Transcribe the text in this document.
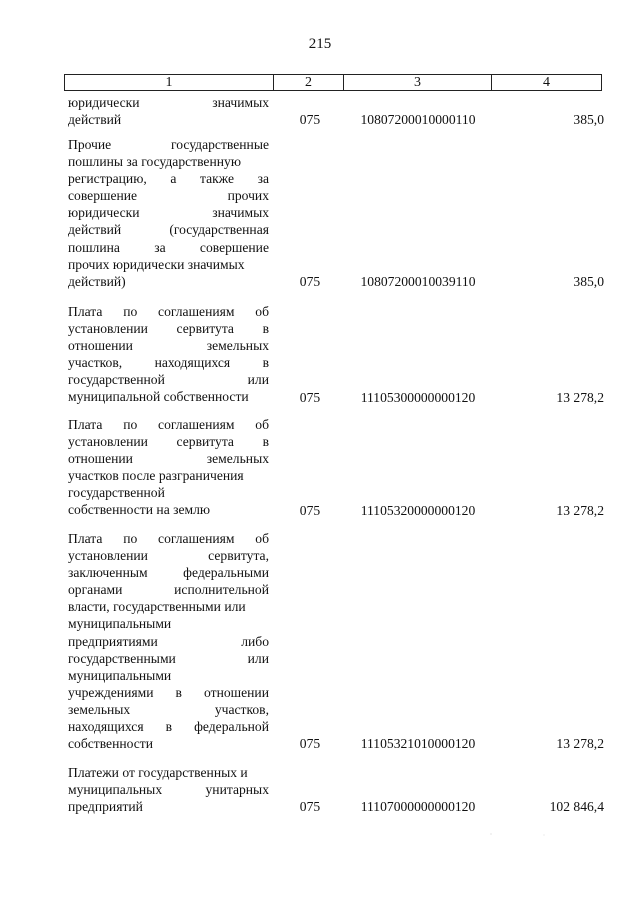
215
1	2	3	4
юридически	значимых
действий	075	10807200010000110	385,0
Прочие	государственные
пошлины за государственную
регистрацию, а также за
совершение	прочих
юридически	значимых
действий	(государственная
пошлина	за	совершение
прочих юридически значимых
действий)	075	10807200010039110	385,0
Плата по соглашениям об
установлении сервитута в
отношении	земельных
участков, находящихся в
государственной	или
муниципальной собственности	075	11105300000000120	13 278,2
Плата по соглашениям об
установлении сервитута в
отношении	земельных
участков после разграничения
государственной
собственности на землю	075	11105320000000120	13 278,2
Плата по соглашениям об
установлении	сервитута,
заключенным	федеральными
органами	исполнительной
власти, государственными или
муниципальными
предприятиями	либо
государственными	или
муниципальными
учреждениями в отношении
земельных	участков,
находящихся в федеральной
собственности	075	11105321010000120	13 278,2
Платежи от государственных и
муниципальных	унитарных
предприятий	075	11107000000000120	102 846,4
